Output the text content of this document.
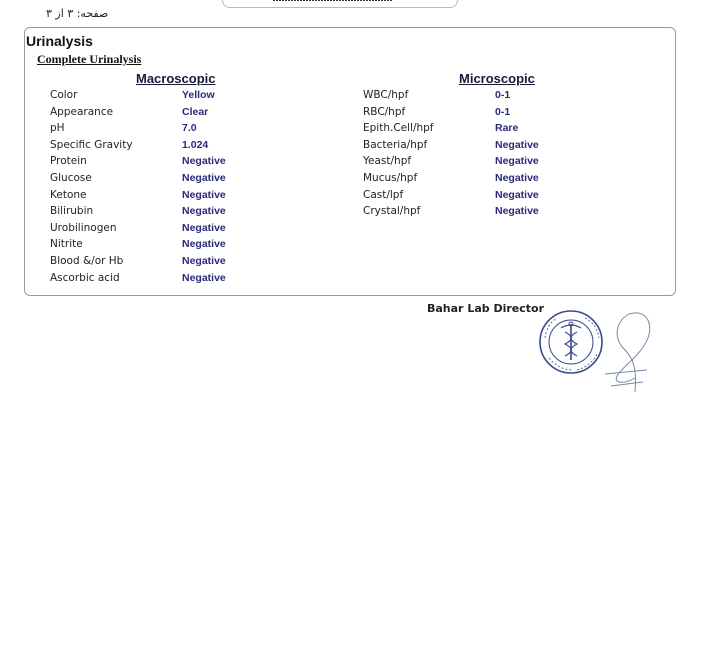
صفحه: ۳ از ۳
Urinalysis
Complete Urinalysis
Macroscopic	Microscopic
Color	Yellow
Appearance	Clear
pH	7.0
Specific Gravity	1.024
Protein	Negative
Glucose	Negative
Ketone	Negative
Bilirubin	Negative
Urobilinogen	Negative
Nitrite	Negative
Blood &/or Hb	Negative
Ascorbic acid	Negative
WBC/hpf	0-1
RBC/hpf	0-1
Epith.Cell/hpf	Rare
Bacteria/hpf	Negative
Yeast/hpf	Negative
Mucus/hpf	Negative
Cast/lpf	Negative
Crystal/hpf	Negative
Bahar Lab Director
